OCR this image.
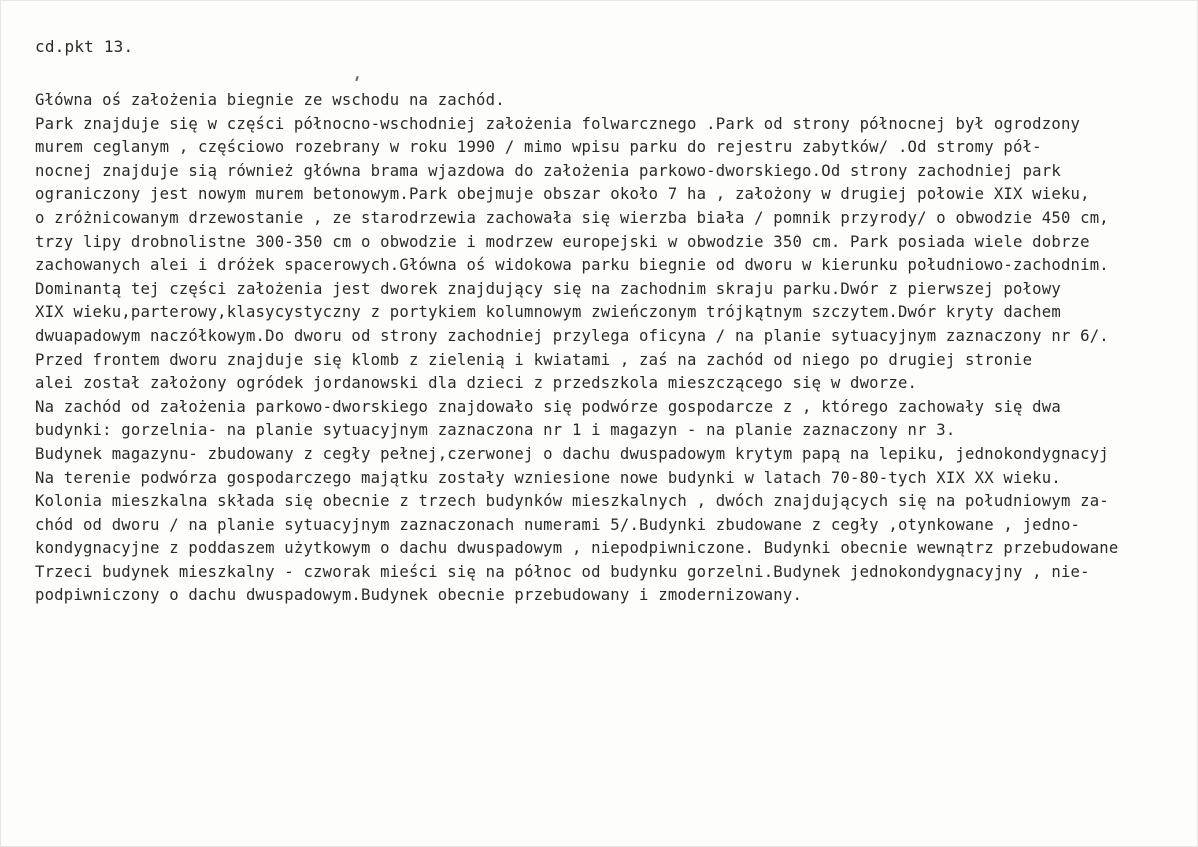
cd.pkt 13.
Główna oś założenia biegnie ze wschodu na zachód.
Park znajduje się w części północno-wschodniej założenia folwarcznego .Park od strony północnej był ogrodzony
murem ceglanym , częściowo rozebrany w roku 1990 / mimo wpisu parku do rejestru zabytków/ .Od stromy pół-
nocnej znajduje sią również główna brama wjazdowa do założenia parkowo-dworskiego.Od strony zachodniej park
ograniczony jest nowym murem betonowym.Park obejmuje obszar około 7 ha , założony w drugiej połowie XIX wieku,
o zróżnicowanym drzewostanie , ze starodrzewia zachowała się wierzba biała / pomnik przyrody/ o obwodzie 450 cm,
trzy lipy drobnolistne 300-350 cm o obwodzie i modrzew europejski w obwodzie 350 cm. Park posiada wiele dobrze
zachowanych alei i dróżek spacerowych.Główna oś widokowa parku biegnie od dworu w kierunku południowo-zachodnim.
Dominantą tej części założenia jest dworek znajdujący się na zachodnim skraju parku.Dwór z pierwszej połowy
XIX wieku,parterowy,klasycystyczny z portykiem kolumnowym zwieńczonym trójkątnym szczytem.Dwór kryty dachem
dwuapadowym naczółkowym.Do dworu od strony zachodniej przylega oficyna / na planie sytuacyjnym zaznaczony nr 6/.
Przed frontem dworu znajduje się klomb z zielenią i kwiatami , zaś na zachód od niego po drugiej stronie
alei został założony ogródek jordanowski dla dzieci z przedszkola mieszczącego się w dworze.
Na zachód od założenia parkowo-dworskiego znajdowało się podwórze gospodarcze z , którego zachowały się dwa
budynki: gorzelnia- na planie sytuacyjnym zaznaczona nr 1 i magazyn - na planie zaznaczony nr 3.
Budynek magazynu- zbudowany z cegły pełnej,czerwonej o dachu dwuspadowym krytym papą na lepiku, jednokondygnacyj
Na terenie podwórza gospodarczego majątku zostały wzniesione nowe budynki w latach 70-80-tych XIX XX wieku.
Kolonia mieszkalna składa się obecnie z trzech budynków mieszkalnych , dwóch znajdujących się na południowym za-
chód od dworu / na planie sytuacyjnym zaznaczonach numerami 5/.Budynki zbudowane z cegły ,otynkowane , jedno-
kondygnacyjne z poddaszem użytkowym o dachu dwuspadowym , niepodpiwniczone. Budynki obecnie wewnątrz przebudowane
Trzeci budynek mieszkalny - czworak mieści się na północ od budynku gorzelni.Budynek jednokondygnacyjny , nie-
podpiwniczony o dachu dwuspadowym.Budynek obecnie przebudowany i zmodernizowany.
